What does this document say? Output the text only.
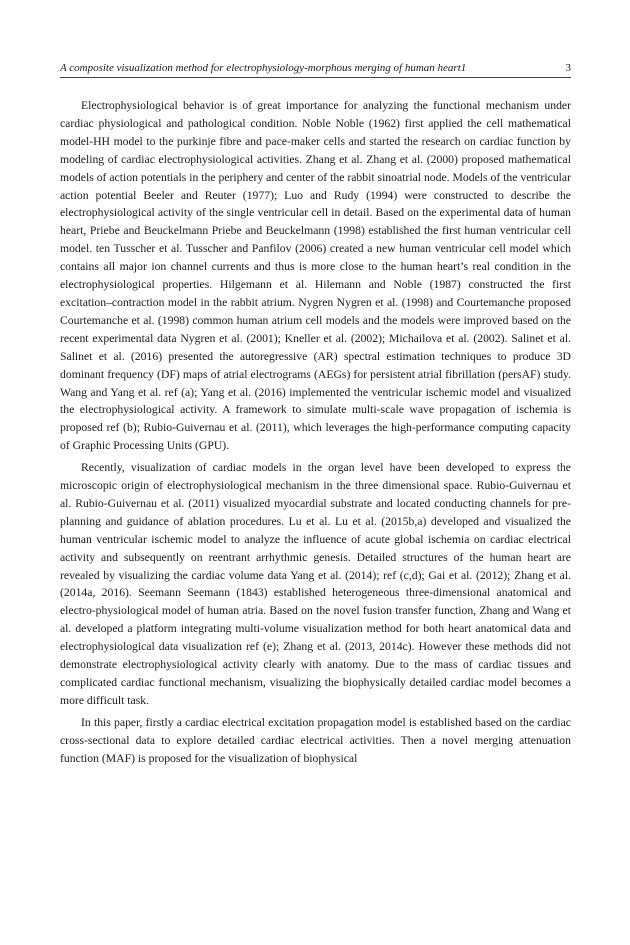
A composite visualization method for electrophysiology-morphous merging of human heart1	3

Electrophysiological behavior is of great importance for analyzing the functional mechanism under cardiac physiological and pathological condition. Noble Noble (1962) first applied the cell mathematical model-HH model to the purkinje fibre and pace-maker cells and started the research on cardiac function by modeling of cardiac electrophysiological activities. Zhang et al. Zhang et al. (2000) proposed mathematical models of action potentials in the periphery and center of the rabbit sinoatrial node. Models of the ventricular action potential Beeler and Reuter (1977); Luo and Rudy (1994) were constructed to describe the electrophysiological activity of the single ventricular cell in detail. Based on the experimental data of human heart, Priebe and Beuckelmann Priebe and Beuckelmann (1998) established the first human ventricular cell model. ten Tusscher et al. Tusscher and Panfilov (2006) created a new human ventricular cell model which contains all major ion channel currents and thus is more close to the human heart’s real condition in the electrophysiological properties. Hilgemann et al. Hilemann and Noble (1987) constructed the first excitation–contraction model in the rabbit atrium. Nygren Nygren et al. (1998) and Courtemanche proposed Courtemanche et al. (1998) common human atrium cell models and the models were improved based on the recent experimental data Nygren et al. (2001); Kneller et al. (2002); Michailova et al. (2002). Salinet et al. Salinet et al. (2016) presented the autoregressive (AR) spectral estimation techniques to produce 3D dominant frequency (DF) maps of atrial electrograms (AEGs) for persistent atrial fibrillation (persAF) study. Wang and Yang et al. ref (a); Yang et al. (2016) implemented the ventricular ischemic model and visualized the electrophysiological activity. A framework to simulate multi-scale wave propagation of ischemia is proposed ref (b); Rubio-Guivernau et al. (2011), which leverages the high-performance computing capacity of Graphic Processing Units (GPU).

Recently, visualization of cardiac models in the organ level have been developed to express the microscopic origin of electrophysiological mechanism in the three dimensional space. Rubio-Guivernau et al. Rubio-Guivernau et al. (2011) visualized myocardial substrate and located conducting channels for pre-planning and guidance of ablation procedures. Lu et al. Lu et al. (2015b,a) developed and visualized the human ventricular ischemic model to analyze the influence of acute global ischemia on cardiac electrical activity and subsequently on reentrant arrhythmic genesis. Detailed structures of the human heart are revealed by visualizing the cardiac volume data Yang et al. (2014); ref (c,d); Gai et al. (2012); Zhang et al. (2014a, 2016). Seemann Seemann (1843) established heterogeneous three-dimensional anatomical and electro-physiological model of human atria. Based on the novel fusion transfer function, Zhang and Wang et al. developed a platform integrating multi-volume visualization method for both heart anatomical data and electrophysiological data visualization ref (e); Zhang et al. (2013, 2014c). However these methods did not demonstrate electrophysiological activity clearly with anatomy. Due to the mass of cardiac tissues and complicated cardiac functional mechanism, visualizing the biophysically detailed cardiac model becomes a more difficult task.

In this paper, firstly a cardiac electrical excitation propagation model is established based on the cardiac cross-sectional data to explore detailed cardiac electrical activities. Then a novel merging attenuation function (MAF) is proposed for the visualization of biophysical
